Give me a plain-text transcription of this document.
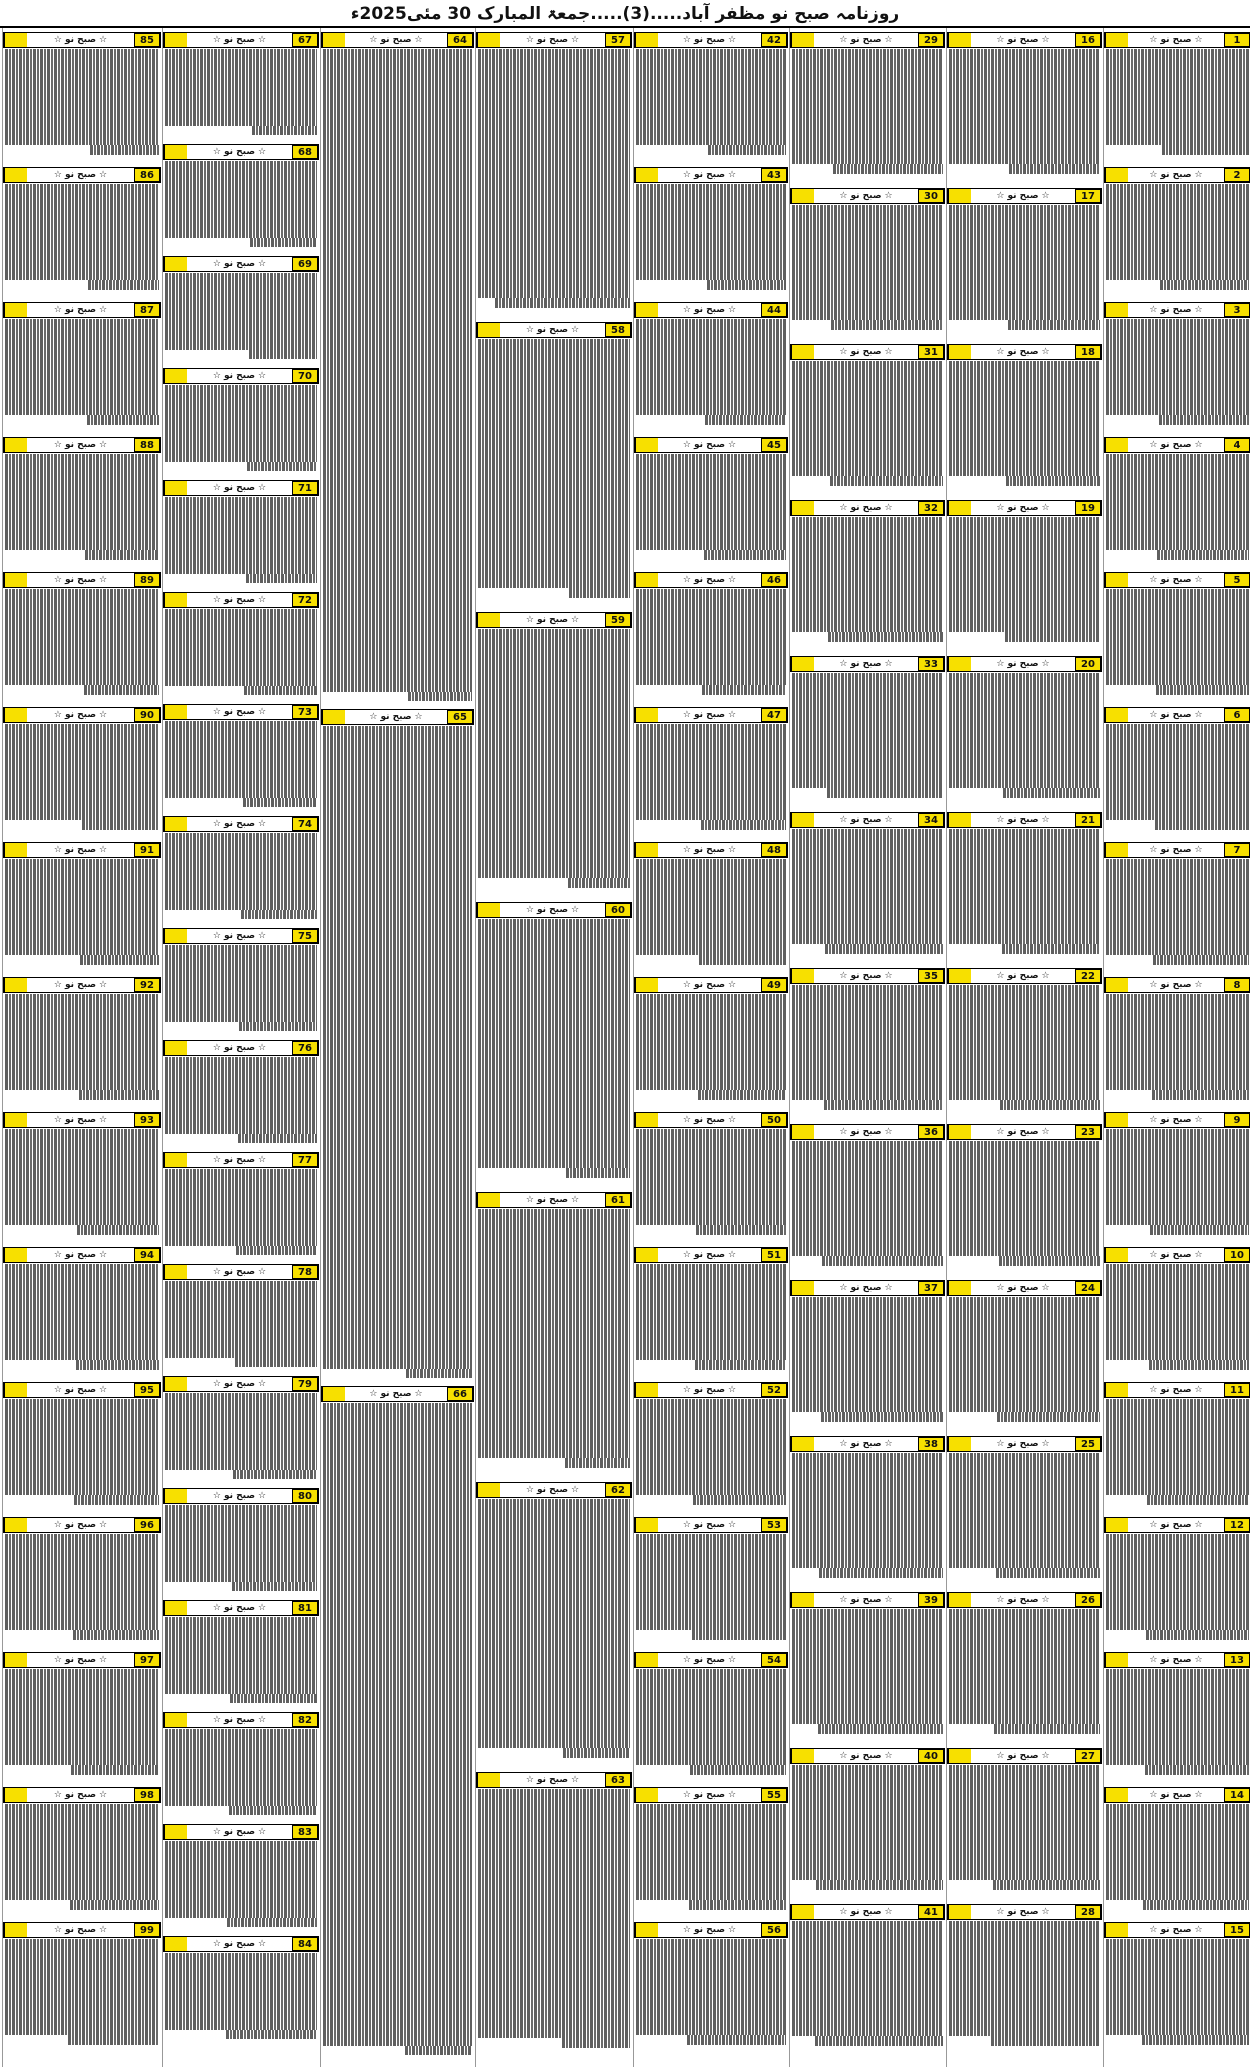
روزنامہ صبح نو مظفر آباد.....(3).....جمعۃ المبارک 30 مئی2025ء
☆
صبح نو
☆	1
☆
صبح نو
☆	2
☆
صبح نو
☆	3
☆
صبح نو
☆	4
☆
صبح نو
☆	5
☆
صبح نو
☆	6
☆
صبح نو
☆	7
☆
صبح نو
☆	8
☆
صبح نو
☆	9
☆
صبح نو
☆	10
☆
صبح نو
☆	11
☆
صبح نو
☆	12
☆
صبح نو
☆	13
☆
صبح نو
☆	14
☆
صبح نو
☆	15
☆
صبح نو
☆	16
☆
صبح نو
☆	17
☆
صبح نو
☆	18
☆
صبح نو
☆	19
☆
صبح نو
☆	20
☆
صبح نو
☆	21
☆
صبح نو
☆	22
☆
صبح نو
☆	23
☆
صبح نو
☆	24
☆
صبح نو
☆	25
☆
صبح نو
☆	26
☆
صبح نو
☆	27
☆
صبح نو
☆	28
☆
صبح نو
☆	29
☆
صبح نو
☆	30
☆
صبح نو
☆	31
☆
صبح نو
☆	32
☆
صبح نو
☆	33
☆
صبح نو
☆	34
☆
صبح نو
☆	35
☆
صبح نو
☆	36
☆
صبح نو
☆	37
☆
صبح نو
☆	38
☆
صبح نو
☆	39
☆
صبح نو
☆	40
☆
صبح نو
☆	41
☆
صبح نو
☆	42
☆
صبح نو
☆	43
☆
صبح نو
☆	44
☆
صبح نو
☆	45
☆
صبح نو
☆	46
☆
صبح نو
☆	47
☆
صبح نو
☆	48
☆
صبح نو
☆	49
☆
صبح نو
☆	50
☆
صبح نو
☆	51
☆
صبح نو
☆	52
☆
صبح نو
☆	53
☆
صبح نو
☆	54
☆
صبح نو
☆	55
☆
صبح نو
☆	56
☆
صبح نو
☆	57
☆
صبح نو
☆	58
☆
صبح نو
☆	59
☆
صبح نو
☆	60
☆
صبح نو
☆	61
☆
صبح نو
☆	62
☆
صبح نو
☆	63
☆
صبح نو
☆	64
☆
صبح نو
☆	65
☆
صبح نو
☆	66
☆
صبح نو
☆	67
☆
صبح نو
☆	68
☆
صبح نو
☆	69
☆
صبح نو
☆	70
☆
صبح نو
☆	71
☆
صبح نو
☆	72
☆
صبح نو
☆	73
☆
صبح نو
☆	74
☆
صبح نو
☆	75
☆
صبح نو
☆	76
☆
صبح نو
☆	77
☆
صبح نو
☆	78
☆
صبح نو
☆	79
☆
صبح نو
☆	80
☆
صبح نو
☆	81
☆
صبح نو
☆	82
☆
صبح نو
☆	83
☆
صبح نو
☆	84
☆
صبح نو
☆	85
☆
صبح نو
☆	86
☆
صبح نو
☆	87
☆
صبح نو
☆	88
☆
صبح نو
☆	89
☆
صبح نو
☆	90
☆
صبح نو
☆	91
☆
صبح نو
☆	92
☆
صبح نو
☆	93
☆
صبح نو
☆	94
☆
صبح نو
☆	95
☆
صبح نو
☆	96
☆
صبح نو
☆	97
☆
صبح نو
☆	98
☆
صبح نو
☆	99
